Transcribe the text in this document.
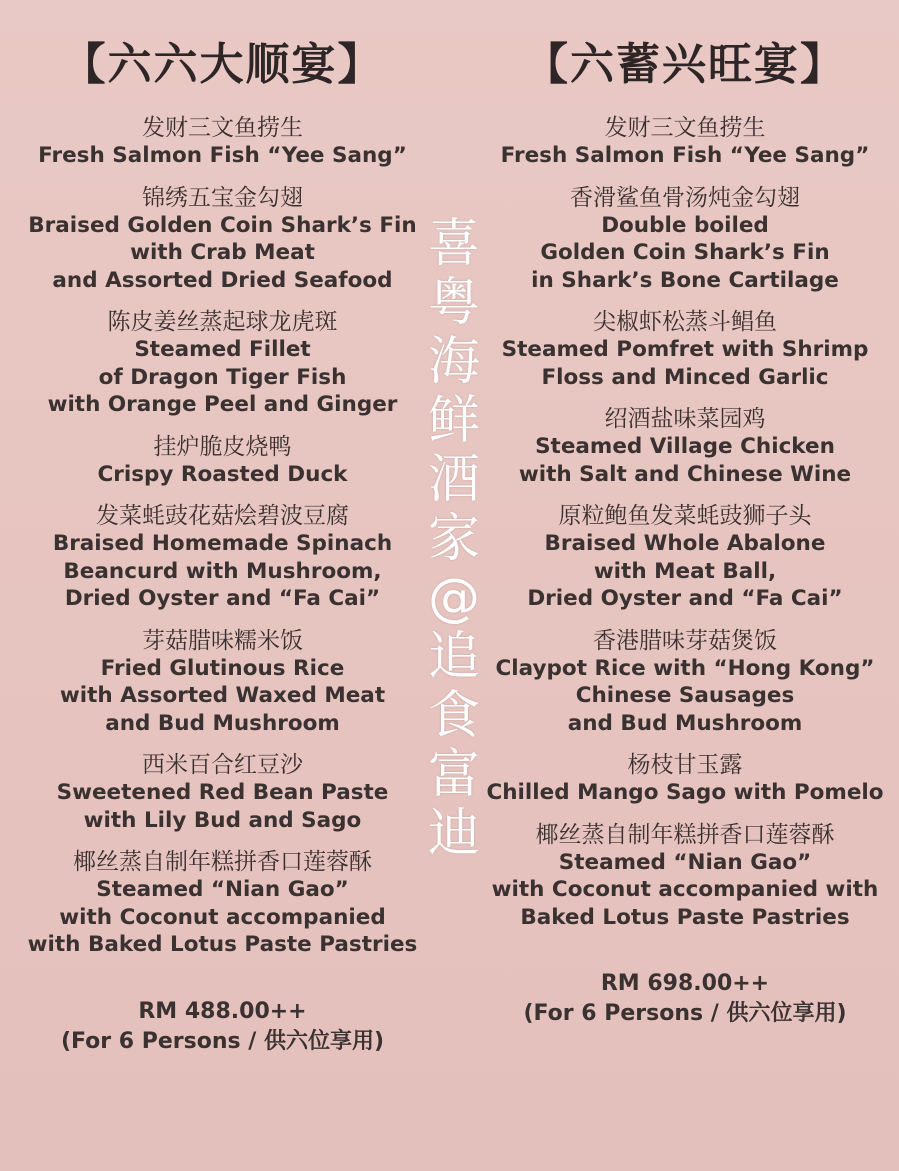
【六六大顺宴】
发财三文鱼捞生
Fresh Salmon Fish “Yee Sang”
锦绣五宝金勾翅
Braised Golden Coin Shark’s Fin
with Crab Meat
and Assorted Dried Seafood
陈皮姜丝蒸起球龙虎斑
Steamed Fillet
of Dragon Tiger Fish
with Orange Peel and Ginger
挂炉脆皮烧鸭
Crispy Roasted Duck
发菜蚝豉花菇烩碧波豆腐
Braised Homemade Spinach
Beancurd with Mushroom,
Dried Oyster and “Fa Cai”
芽菇腊味糯米饭
Fried Glutinous Rice
with Assorted Waxed Meat
and Bud Mushroom
西米百合红豆沙
Sweetened Red Bean Paste
with Lily Bud and Sago
椰丝蒸自制年糕拼香口莲蓉酥
Steamed “Nian Gao”
with Coconut accompanied
with Baked Lotus Paste Pastries
RM 488.00++
(For 6 Persons / 供六位享用)
喜粤海鲜酒家@追食富迪
【六蓄兴旺宴】
发财三文鱼捞生
Fresh Salmon Fish “Yee Sang”
香滑鲨鱼骨汤炖金勾翅
Double boiled
Golden Coin Shark’s Fin
in Shark’s Bone Cartilage
尖椒虾松蒸斗鲳鱼
Steamed Pomfret with Shrimp
Floss and Minced Garlic
绍酒盐味菜园鸡
Steamed Village Chicken
with Salt and Chinese Wine
原粒鲍鱼发菜蚝豉狮子头
Braised Whole Abalone
with Meat Ball,
Dried Oyster and “Fa Cai”
香港腊味芽菇煲饭
Claypot Rice with “Hong Kong”
Chinese Sausages
and Bud Mushroom
杨枝甘玉露
Chilled Mango Sago with Pomelo
椰丝蒸自制年糕拼香口莲蓉酥
Steamed “Nian Gao”
with Coconut accompanied with
Baked Lotus Paste Pastries
RM 698.00++
(For 6 Persons / 供六位享用)
